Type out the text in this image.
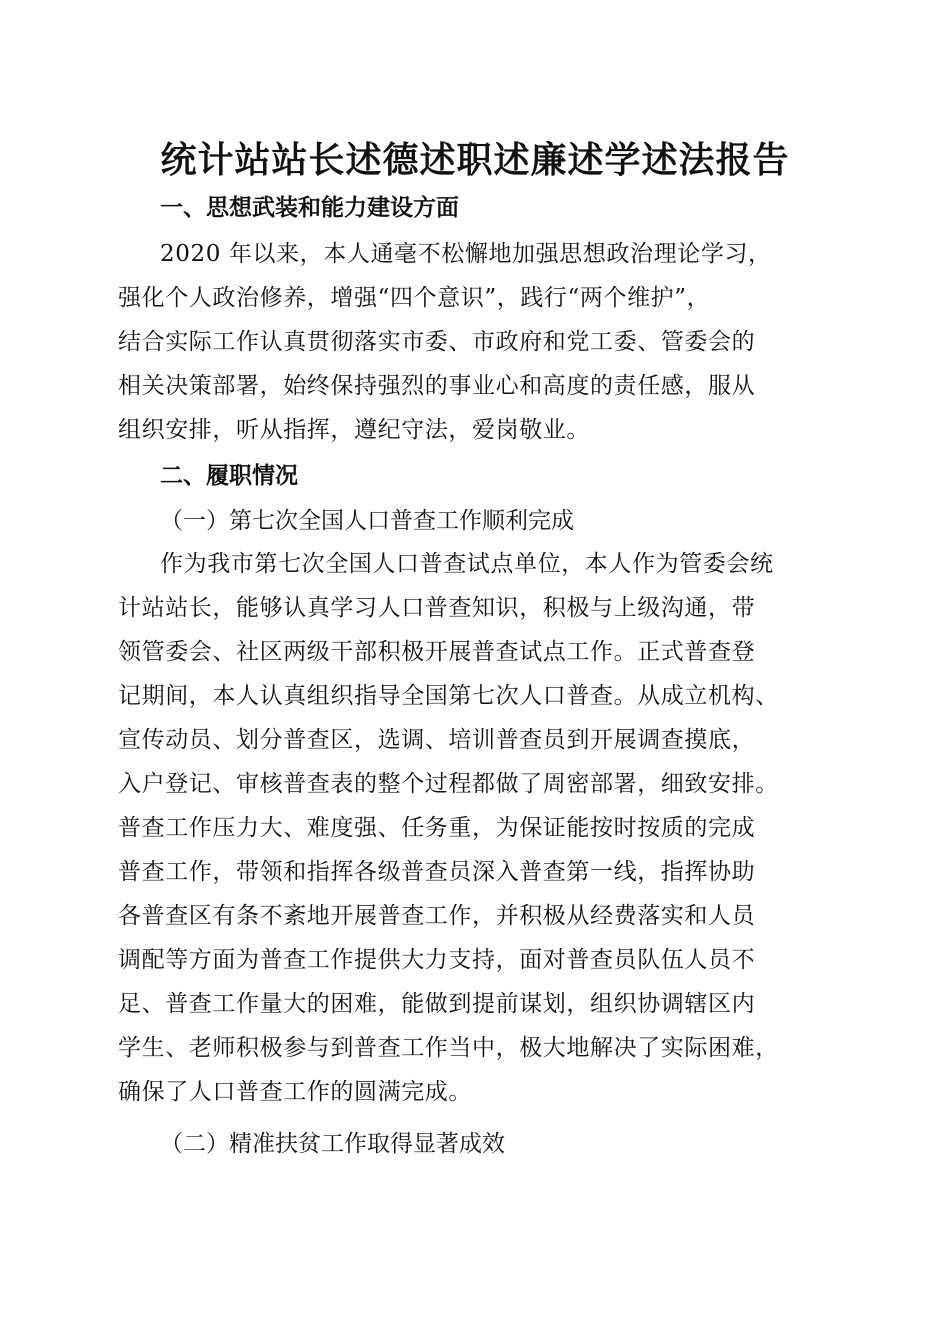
统计站站长述德述职述廉述学述法报告
一、思想武装和能力建设方面
2020 年以来，本人通毫不松懈地加强思想政治理论学习，
强化个人政治修养，增强“四个意识”，践行“两个维护”，
结合实际工作认真贯彻落实市委、市政府和党工委、管委会的
相关决策部署，始终保持强烈的事业心和高度的责任感，服从
组织安排，听从指挥，遵纪守法，爱岗敬业。
二、履职情况
（一）第七次全国人口普查工作顺利完成
作为我市第七次全国人口普查试点单位，本人作为管委会统
计站站长，能够认真学习人口普查知识，积极与上级沟通，带
领管委会、社区两级干部积极开展普查试点工作。正式普查登
记期间，本人认真组织指导全国第七次人口普查。从成立机构、
宣传动员、划分普查区，选调、培训普查员到开展调查摸底，
入户登记、审核普查表的整个过程都做了周密部署，细致安排。
普查工作压力大、难度强、任务重，为保证能按时按质的完成
普查工作，带领和指挥各级普查员深入普查第一线，指挥协助
各普查区有条不紊地开展普查工作，并积极从经费落实和人员
调配等方面为普查工作提供大力支持，面对普查员队伍人员不
足、普查工作量大的困难，能做到提前谋划，组织协调辖区内
学生、老师积极参与到普查工作当中，极大地解决了实际困难，
确保了人口普查工作的圆满完成。
（二）精准扶贫工作取得显著成效
